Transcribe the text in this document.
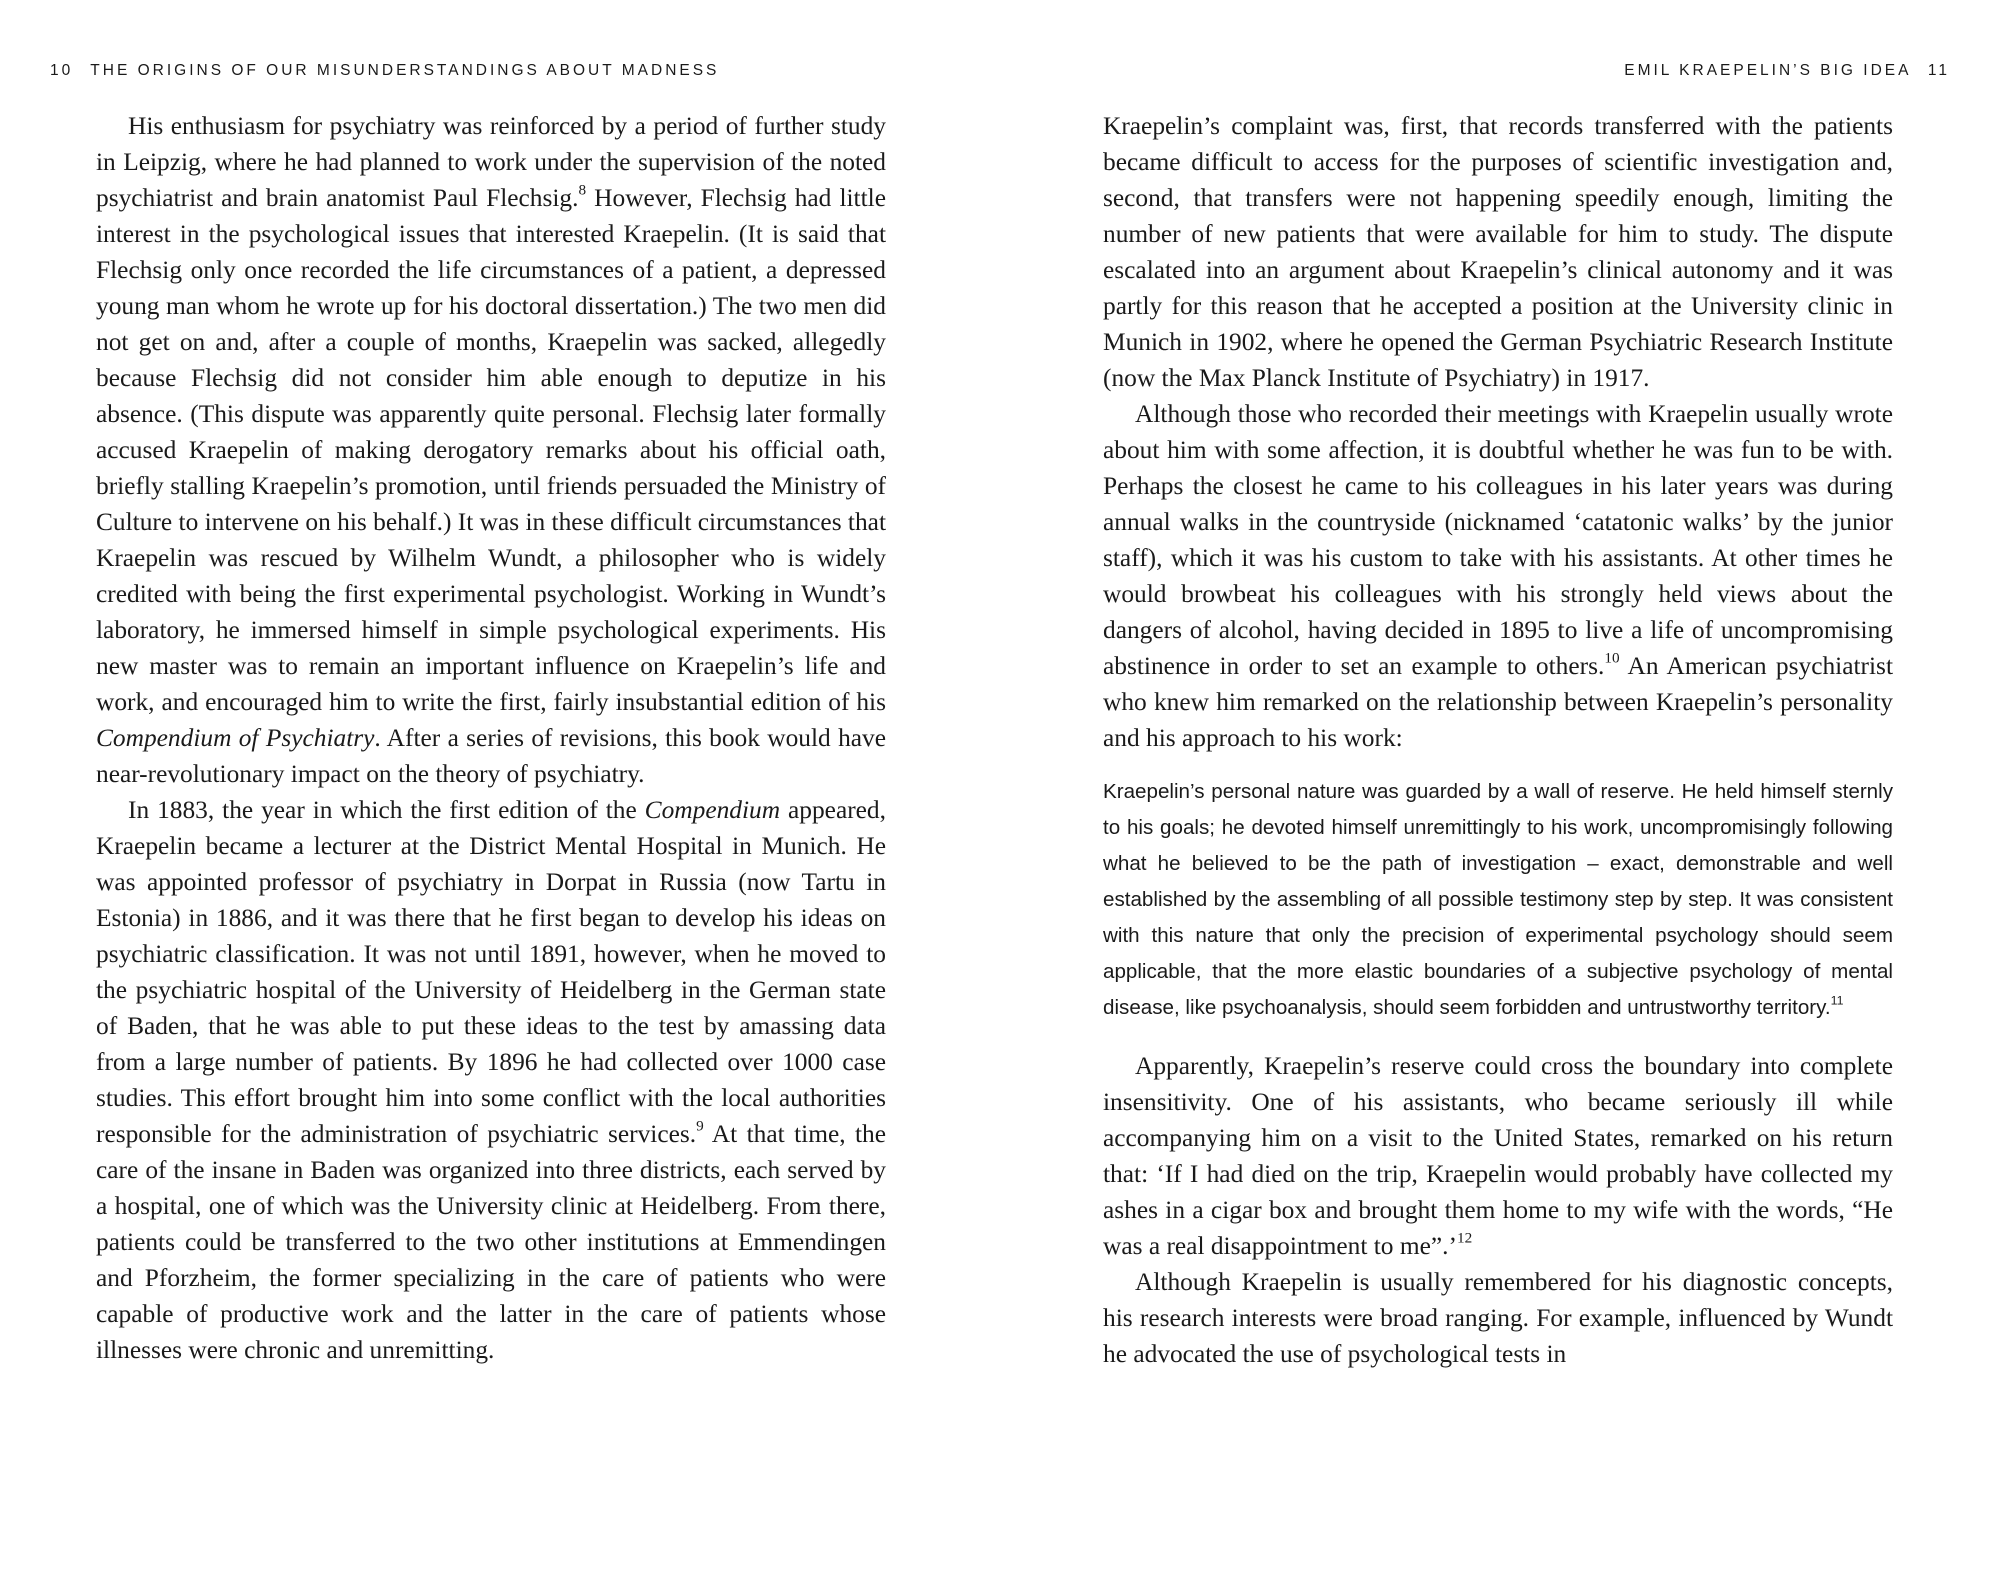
10 THE ORIGINS OF OUR MISUNDERSTANDINGS ABOUT MADNESS

His enthusiasm for psychiatry was reinforced by a period of further study in Leipzig, where he had planned to work under the supervision of the noted psychiatrist and brain anatomist Paul Flechsig.$^8$ However, Flechsig had little interest in the psychological issues that interested Kraepelin. (It is said that Flechsig only once recorded the life circumstances of a patient, a depressed young man whom he wrote up for his doctoral dissertation.) The two men did not get on and, after a couple of months, Kraepelin was sacked, allegedly because Flechsig did not consider him able enough to deputize in his absence. (This dispute was apparently quite personal. Flechsig later formally accused Kraepelin of making derogatory remarks about his official oath, briefly stalling Kraepelin’s promotion, until friends persuaded the Ministry of Culture to intervene on his behalf.) It was in these difficult circumstances that Kraepelin was rescued by Wilhelm Wundt, a philosopher who is widely credited with being the first experimental psychologist. Working in Wundt’s laboratory, he immersed himself in simple psychological experiments. His new master was to remain an important influence on Kraepelin’s life and work, and encouraged him to write the first, fairly insubstantial edition of his Compendium of Psychiatry. After a series of revisions, this book would have near-revolutionary impact on the theory of psychiatry.

In 1883, the year in which the first edition of the Compendium appeared, Kraepelin became a lecturer at the District Mental Hospital in Munich. He was appointed professor of psychiatry in Dorpat in Russia (now Tartu in Estonia) in 1886, and it was there that he first began to develop his ideas on psychiatric classification. It was not until 1891, however, when he moved to the psychiatric hospital of the University of Heidelberg in the German state of Baden, that he was able to put these ideas to the test by amassing data from a large number of patients. By 1896 he had collected over 1000 case studies. This effort brought him into some conflict with the local authorities responsible for the administration of psychiatric services.$^9$ At that time, the care of the insane in Baden was organized into three districts, each served by a hospital, one of which was the University clinic at Heidelberg. From there, patients could be transferred to the two other institutions at Emmendingen and Pforzheim, the former specializing in the care of patients who were capable of productive work and the latter in the care of patients whose illnesses were chronic and unremitting.

EMIL KRAEPELIN’S BIG IDEA 11

Kraepelin’s complaint was, first, that records transferred with the patients became difficult to access for the purposes of scientific investigation and, second, that transfers were not happening speedily enough, limiting the number of new patients that were available for him to study. The dispute escalated into an argument about Kraepelin’s clinical autonomy and it was partly for this reason that he accepted a position at the University clinic in Munich in 1902, where he opened the German Psychiatric Research Institute (now the Max Planck Institute of Psychiatry) in 1917.

Although those who recorded their meetings with Kraepelin usually wrote about him with some affection, it is doubtful whether he was fun to be with. Perhaps the closest he came to his colleagues in his later years was during annual walks in the countryside (nicknamed ‘catatonic walks’ by the junior staff), which it was his custom to take with his assistants. At other times he would browbeat his colleagues with his strongly held views about the dangers of alcohol, having decided in 1895 to live a life of uncompromising abstinence in order to set an example to others.$^{10}$ An American psychiatrist who knew him remarked on the relationship between Kraepelin’s personality and his approach to his work:

Kraepelin’s personal nature was guarded by a wall of reserve. He held himself sternly to his goals; he devoted himself unremittingly to his work, uncompromisingly following what he believed to be the path of investigation – exact, demonstrable and well established by the assembling of all possible testimony step by step. It was consistent with this nature that only the precision of experimental psychology should seem applicable, that the more elastic boundaries of a subjective psychology of mental disease, like psychoanalysis, should seem forbidden and untrustworthy territory.$^{11}$

Apparently, Kraepelin’s reserve could cross the boundary into complete insensitivity. One of his assistants, who became seriously ill while accompanying him on a visit to the United States, remarked on his return that: ‘If I had died on the trip, Kraepelin would probably have collected my ashes in a cigar box and brought them home to my wife with the words, “He was a real disappointment to me”.’$^{12}$

Although Kraepelin is usually remembered for his diagnostic concepts, his research interests were broad ranging. For example, influenced by Wundt he advocated the use of psychological tests in
